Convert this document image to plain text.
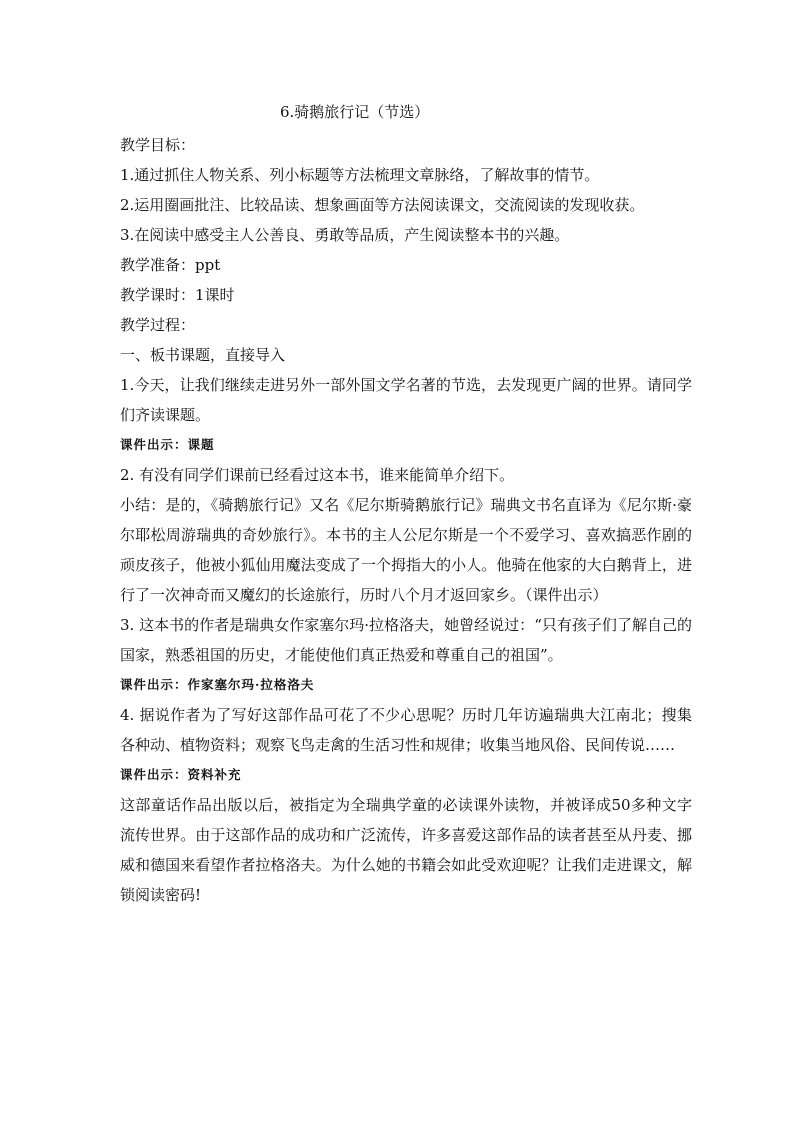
6.骑鹅旅行记（节选）

教学目标：

1.通过抓住人物关系、列小标题等方法梳理文章脉络，了解故事的情节。

2.运用圈画批注、比较品读、想象画面等方法阅读课文，交流阅读的发现收获。

3.在阅读中感受主人公善良、勇敢等品质，产生阅读整本书的兴趣。

教学准备：ppt

教学课时：1课时

教学过程：

一、板书课题，直接导入

1.今天，让我们继续走进另外一部外国文学名著的节选，去发现更广阔的世界。请同学们齐读课题。

课件出示：课题

2. 有没有同学们课前已经看过这本书，谁来能简单介绍下。

小结：是的，《骑鹅旅行记》又名《尼尔斯骑鹅旅行记》瑞典文书名直译为《尼尔斯·豪尔耶松周游瑞典的奇妙旅行》。本书的主人公尼尔斯是一个不爱学习、喜欢搞恶作剧的顽皮孩子，他被小狐仙用魔法变成了一个拇指大的小人。他骑在他家的大白鹅背上，进行了一次神奇而又魔幻的长途旅行，历时八个月才返回家乡。（课件出示）

3. 这本书的作者是瑞典女作家塞尔玛·拉格洛夫，她曾经说过：“只有孩子们了解自己的国家，熟悉祖国的历史，才能使他们真正热爱和尊重自己的祖国”。

课件出示：作家塞尔玛·拉格洛夫

4. 据说作者为了写好这部作品可花了不少心思呢？历时几年访遍瑞典大江南北；搜集各种动、植物资料；观察飞鸟走禽的生活习性和规律；收集当地风俗、民间传说……

课件出示：资料补充

这部童话作品出版以后，被指定为全瑞典学童的必读课外读物，并被译成50多种文字流传世界。由于这部作品的成功和广泛流传，许多喜爱这部作品的读者甚至从丹麦、挪威和德国来看望作者拉格洛夫。为什么她的书籍会如此受欢迎呢？让我们走进课文，解锁阅读密码!
